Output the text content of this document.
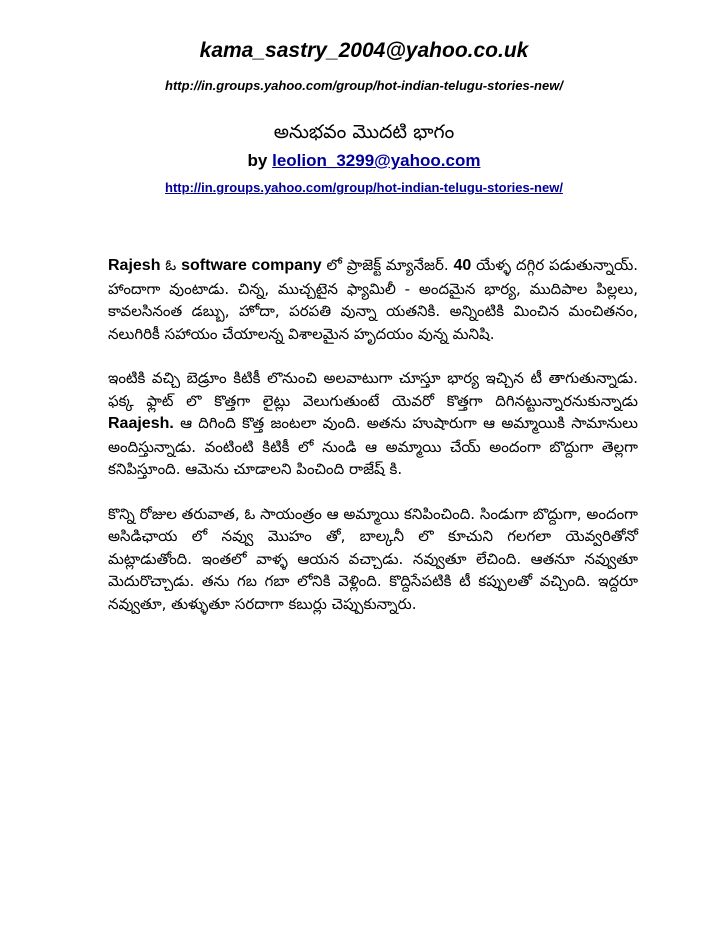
kama_sastry_2004@yahoo.co.uk
http://in.groups.yahoo.com/group/hot-indian-telugu-stories-new/
అనుభవం మొదటి భాగం
by leolion_3299@yahoo.com
http://in.groups.yahoo.com/group/hot-indian-telugu-stories-new/

Rajesh ఓ software company లో ప్రాజెక్ట్ మ్యానేజర్. 40 యేళ్ళ దగ్గిర పడుతున్నాయ్. హాందాగా వుంటాడు. చిన్న, ముచ్చటైన ఫ్యామిలీ - అందమైన భార్య, ముదిపాల పిల్లలు, కావలసినంత డబ్బు, హోదా, పరపతి వున్నా యతనికి. అన్నింటికి మించిన మంచితనం, నలుగిరికీ సహాయం చేయాలన్న విశాలమైన హృదయం వున్న మనిషి.

ఇంటికి వచ్చి బెడ్రూం కిటికీ లొనుంచి అలవాటుగా చూస్తూ భార్య ఇచ్చిన టీ తాగుతున్నాడు. ఫక్క ఫ్లాట్ లొ కొత్తగా లైట్లు వెలుగుతుంటే యెవరో కొత్తగా దిగినట్టున్నారనుకున్నాడు Raajesh. ఆ దిగింది కొత్త జంటలా వుంది. అతను హుషారుగా ఆ అమ్మాయికి సామానులు అందిస్తున్నాడు. వంటింటి కిటికీ లో నుండి ఆ అమ్మాయి చేయ్ అందంగా బొద్దుగా తెల్లగా కనిపిస్తూంది. ఆమెను చూడాలని పించింది రాజేష్ కి.

కొన్ని రోజుల తరువాత, ఓ సాయంత్రం ఆ అమ్మాయి కనిపించింది. సిండుగా బొద్దుగా, అందంగా అసిడిఛాయ లో నవ్వు మొహం తో, బాల్కనీ లొ కూచుని గలగలా యెవ్వరితోనో మట్లాడుతోంది. ఇంతలో వాళ్ళ ఆయన వచ్చాడు. నవ్వుతూ లేచింది. ఆతనూ నవ్వుతూ మెదురొచ్చాడు. తను గబ గబా లోనికి వెళ్లింది. కొద్దిసేపటికి టీ కప్పులతో వచ్చింది. ఇద్దరూ నవ్వుతూ, తుళ్ళుతూ సరదాగా కబుర్లు చెప్పుకున్నారు.
